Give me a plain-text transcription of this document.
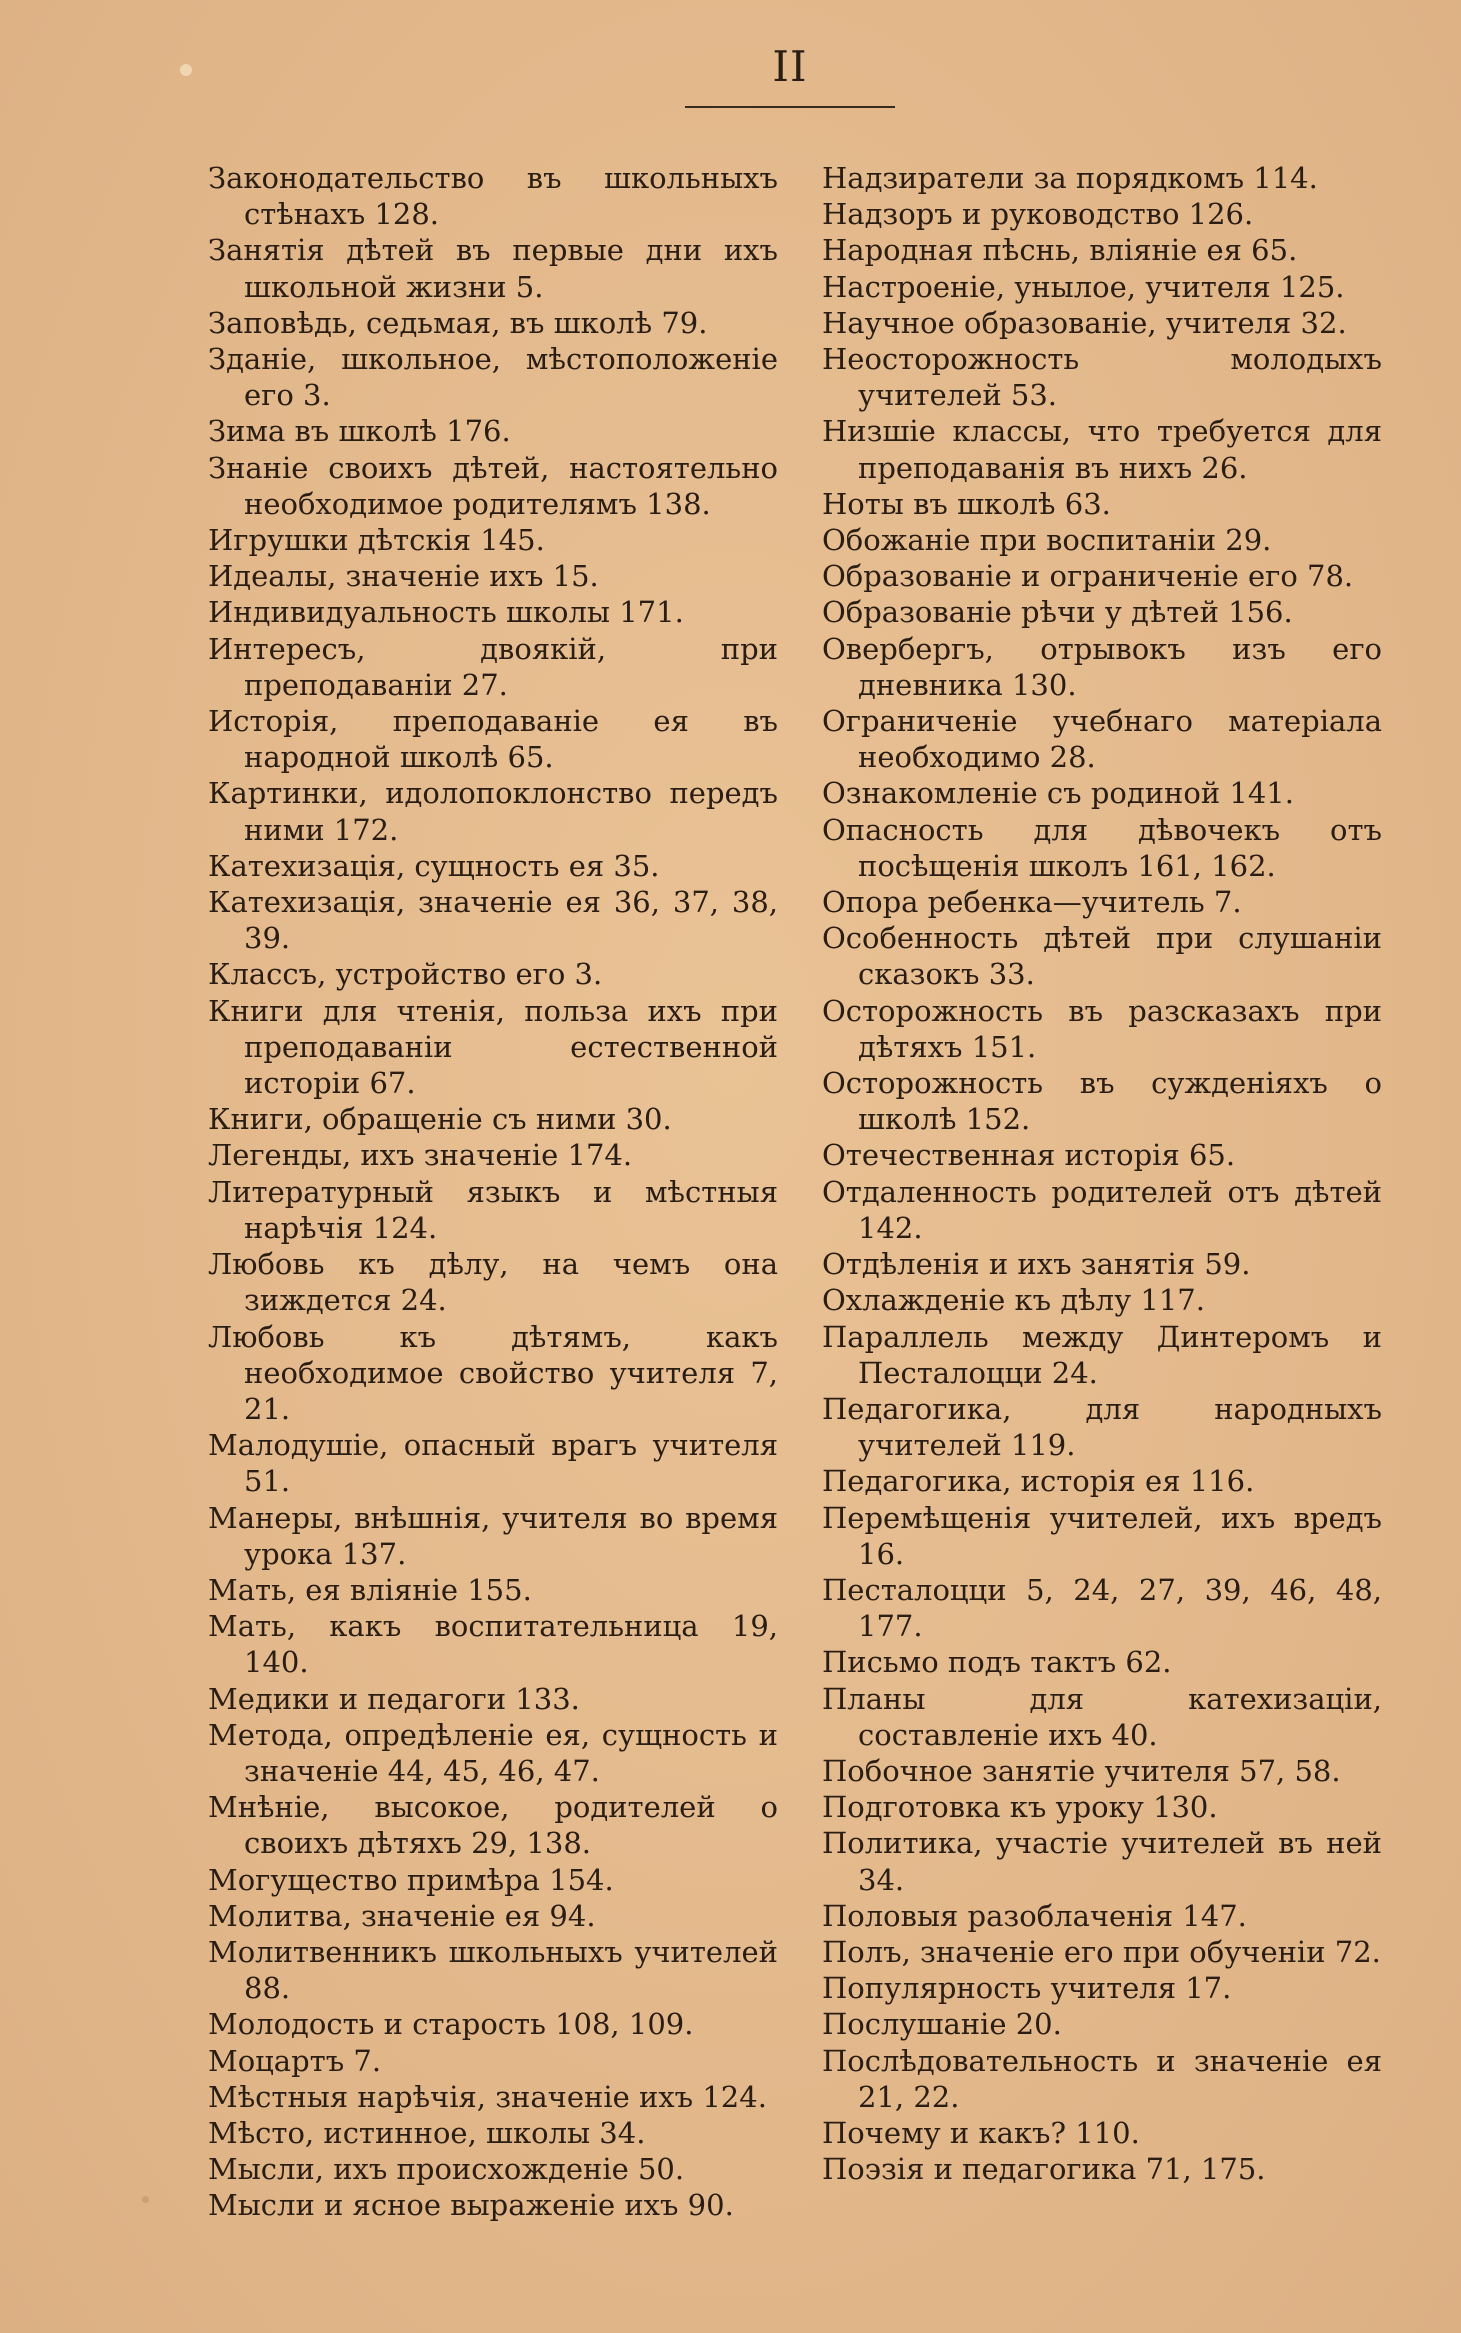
II

Законодательство въ школьныхъ стѣнахъ 128.

Занятія дѣтей въ первые дни ихъ школьной жизни 5.

Заповѣдь, седьмая, въ школѣ 79.

Зданіе, школьное, мѣстоположеніе его 3.

Зима въ школѣ 176.

Знаніе своихъ дѣтей, настоятельно необходимое родителямъ 138.

Игрушки дѣтскія 145.

Идеалы, значеніе ихъ 15.

Индивидуальность школы 171.

Интересъ, двоякій, при преподаваніи 27.

Исторія, преподаваніе ея въ народной школѣ 65.

Картинки, идолопоклонство передъ ними 172.

Катехизація, сущность ея 35.

Катехизація, значеніе ея 36, 37, 38, 39.

Классъ, устройство его 3.

Книги для чтенія, польза ихъ при преподаваніи естественной исторіи 67.

Книги, обращеніе съ ними 30.

Легенды, ихъ значеніе 174.

Литературный языкъ и мѣстныя нарѣчія 124.

Любовь къ дѣлу, на чемъ она зиждется 24.

Любовь къ дѣтямъ, какъ необходимое свойство учителя 7, 21.

Малодушіе, опасный врагъ учителя 51.

Манеры, внѣшнія, учителя во время урока 137.

Мать, ея вліяніе 155.

Мать, какъ воспитательница 19, 140.

Медики и педагоги 133.

Метода, опредѣленіе ея, сущность и значеніе 44, 45, 46, 47.

Мнѣніе, высокое, родителей о своихъ дѣтяхъ 29, 138.

Могущество примѣра 154.

Молитва, значеніе ея 94.

Молитвенникъ школьныхъ учителей 88.

Молодость и старость 108, 109.

Моцартъ 7.

Мѣстныя нарѣчія, значеніе ихъ 124.

Мѣсто, истинное, школы 34.

Мысли, ихъ происхожденіе 50.

Мысли и ясное выраженіе ихъ 90.

Надзиратели за порядкомъ 114.

Надзоръ и руководство 126.

Народная пѣснь, вліяніе ея 65.

Настроеніе, унылое, учителя 125.

Научное образованіе, учителя 32.

Неосторожность молодыхъ учителей 53.

Низшіе классы, что требуется для преподаванія въ нихъ 26.

Ноты въ школѣ 63.

Обожаніе при воспитаніи 29.

Образованіе и ограниченіе его 78.

Образованіе рѣчи у дѣтей 156.

Овербергъ, отрывокъ изъ его дневника 130.

Ограниченіе учебнаго матеріала необходимо 28.

Ознакомленіе съ родиной 141.

Опасность для дѣвочекъ отъ посѣщенія школъ 161, 162.

Опора ребенка—учитель 7.

Особенность дѣтей при слушаніи сказокъ 33.

Осторожность въ разсказахъ при дѣтяхъ 151.

Осторожность въ сужденіяхъ о школѣ 152.

Отечественная исторія 65.

Отдаленность родителей отъ дѣтей 142.

Отдѣленія и ихъ занятія 59.

Охлажденіе къ дѣлу 117.

Параллель между Динтеромъ и Песталоцци 24.

Педагогика, для народныхъ учителей 119.

Педагогика, исторія ея 116.

Перемѣщенія учителей, ихъ вредъ 16.

Песталоцци 5, 24, 27, 39, 46, 48, 177.

Письмо подъ тактъ 62.

Планы для катехизаціи, составленіе ихъ 40.

Побочное занятіе учителя 57, 58.

Подготовка къ уроку 130.

Политика, участіе учителей въ ней 34.

Половыя разоблаченія 147.

Полъ, значеніе его при обученіи 72.

Популярность учителя 17.

Послушаніе 20.

Послѣдовательность и значеніе ея 21, 22.

Почему и какъ? 110.

Поэзія и педагогика 71, 175.
